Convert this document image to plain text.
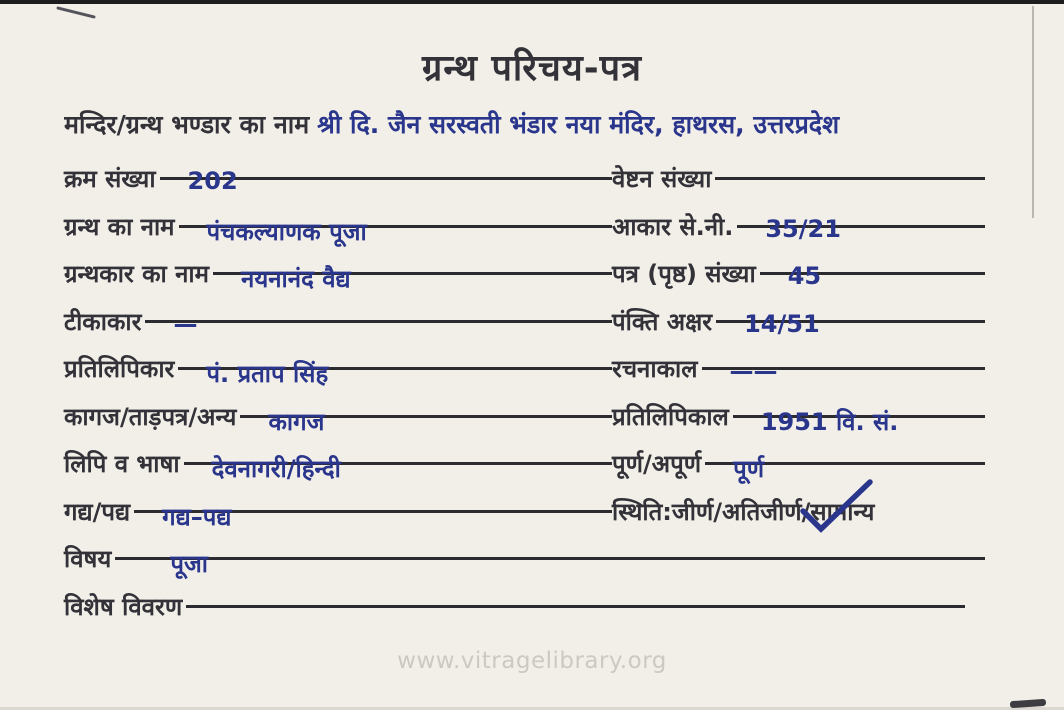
ग्रन्थ परिचय-पत्र
मन्दिर/ग्रन्थ भण्डार का नाम श्री दि. जैन सरस्वती भंडार नया मंदिर, हाथरस, उत्तरप्रदेश
क्रम संख्या 202	वेष्टन संख्या
ग्रन्थ का नाम पंचकल्याणक पूजा	आकार से.नी. 35/21
ग्रन्थकार का नाम नयनानंद वैद्य	पत्र (पृष्ठ) संख्या 45
टीकाकार —	पंक्ति अक्षर 14/51
प्रतिलिपिकार पं. प्रताप सिंह	रचनाकाल ——
कागज/ताड़पत्र/अन्य कागज	प्रतिलिपिकाल 1951 वि. सं.
लिपि व भाषा देवनागरी/हिन्दी	पूर्ण/अपूर्ण पूर्ण
गद्य/पद्य गद्य–पद्य	स्थिति:जीर्ण/अतिजीर्ण/ सामान्य
विषय पूजा
विशेष विवरण
www.vitragelibrary.org
